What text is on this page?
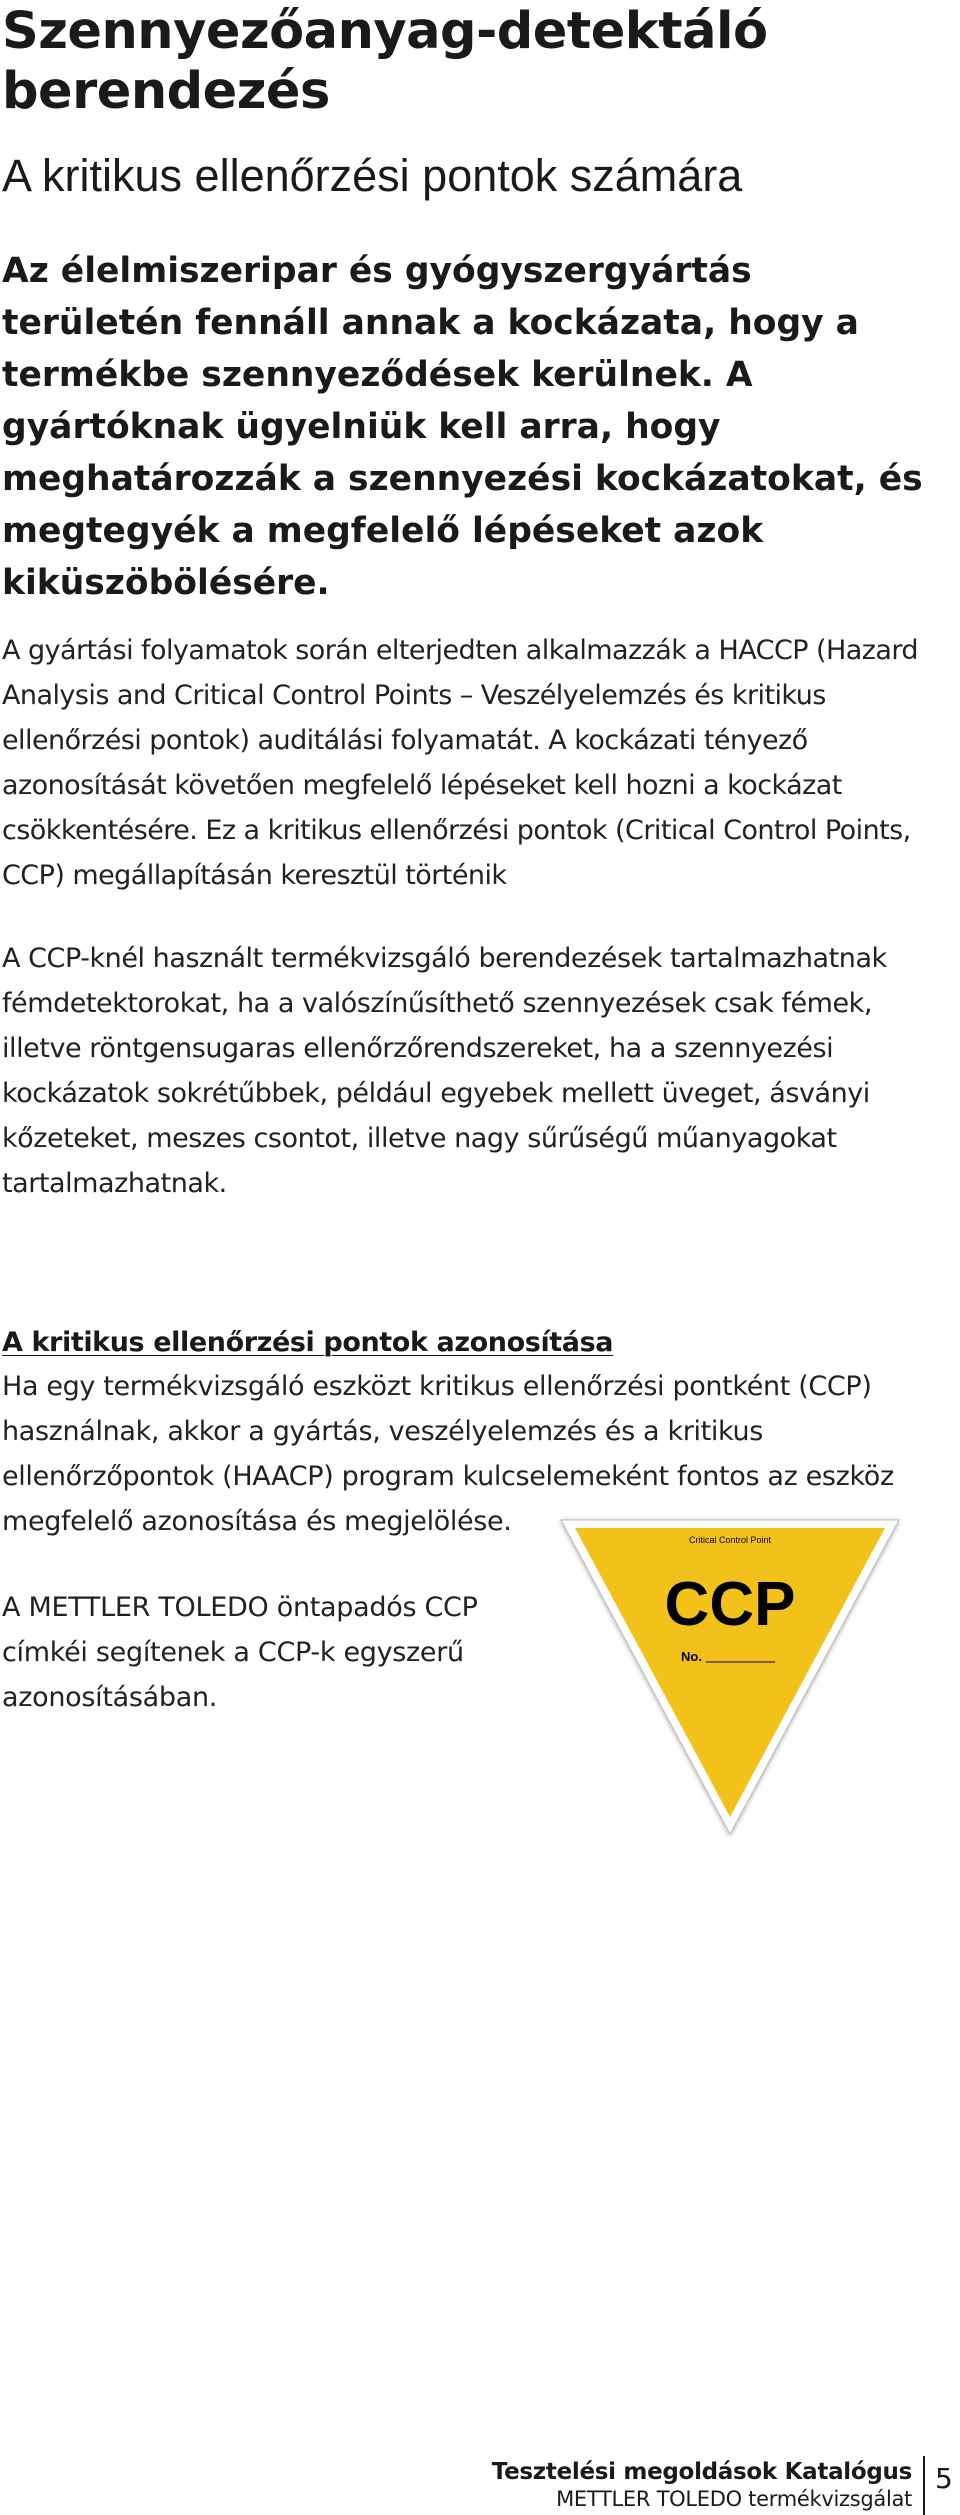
Szennyezőanyag-detektáló berendezés
A kritikus ellenőrzési pontok számára

Az élelmiszeripar és gyógyszergyártás területén fennáll annak a kockázata, hogy a termékbe szennyeződések kerülnek. A gyártóknak ügyelniük kell arra, hogy meghatározzák a szennyezési kockázatokat, és megtegyék a megfelelő lépéseket azok kiküszöbölésére.

A gyártási folyamatok során elterjedten alkalmazzák a HACCP (Hazard Analysis and Critical Control Points – Veszélyelemzés és kritikus ellenőrzési pontok) auditálási folyamatát. A kockázati tényező azonosítását követően megfelelő lépéseket kell hozni a kockázat csökkentésére. Ez a kritikus ellenőrzési pontok (Critical Control Points, CCP) megállapításán keresztül történik

A CCP-knél használt termékvizsgáló berendezések tartalmazhatnak fémdetektorokat, ha a valószínűsíthető szennyezések csak fémek, illetve röntgensugaras ellenőrzőrendszereket, ha a szennyezési kockázatok sokrétűbbek, például egyebek mellett üveget, ásványi kőzeteket, meszes csontot, illetve nagy sűrűségű műanyagokat tartalmazhatnak.

A kritikus ellenőrzési pontok azonosítása

Ha egy termékvizsgáló eszközt kritikus ellenőrzési pontként (CCP) használnak, akkor a gyártás, veszélyelemzés és a kritikus ellenőrzőpontok (HAACP) program kulcselemeként fontos az eszköz megfelelő azonosítása és megjelölése.

A METTLER TOLEDO öntapadós CCP címkéi segítenek a CCP-k egyszerű azonosításában.

Critical Control Point
CCP
No.
Tesztelési megoldások Katalógus
METTLER TOLEDO termékvizsgálat
5
